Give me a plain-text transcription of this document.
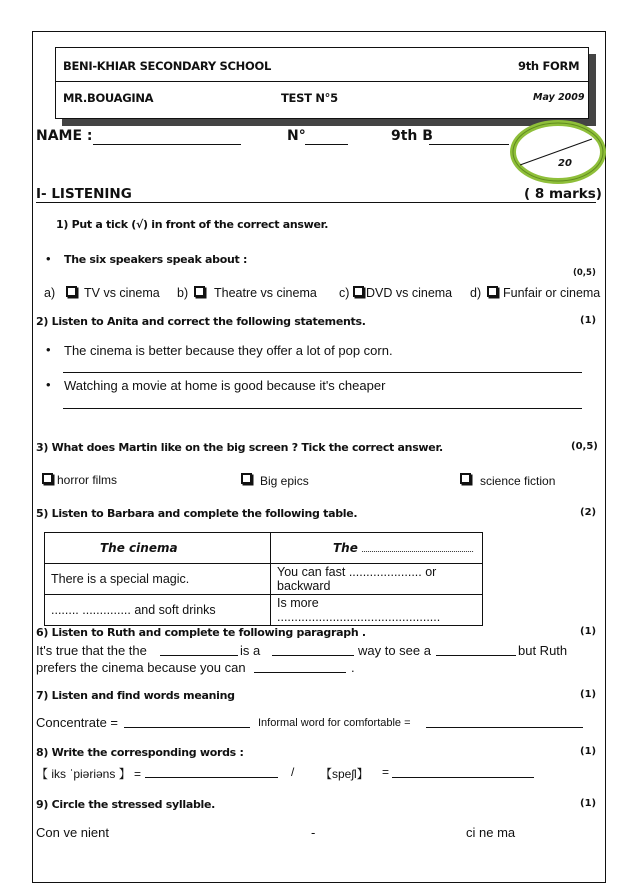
BENI-KHIAR SECONDARY SCHOOL	9th FORM
MR.BOUAGINA	TEST N°5	May 2009
NAME :	N°	9th B
20
I- LISTENING	( 8 marks)
1) Put a tick (√) in front of the correct answer.
• The six speakers speak about :
(0,5)
a) TV vs cinema b) Theatre vs cinema c) DVD vs cinema d) Funfair or cinema
2) Listen to Anita and correct the following statements.	(1)
• The cinema is better because they offer a lot of pop corn.
• Watching a movie at home is good because it's cheaper
3) What does Martin like on the big screen ? Tick the correct answer.	(0,5)
horror films	Big epics	science fiction
5) Listen to Barbara and complete the following table.	(2)
The cinema	The ........................................................
There is a special magic.	You can fast ..................... or backward
........ .............. and soft drinks	Is more ...............................................
6) Listen to Ruth and complete te following paragraph .	(1)
It's true that the the	is a	way to see a	but Ruth
prefers the cinema because you can	.
7) Listen and find words meaning	(1)
Concentrate =	Informal word for comfortable =
8) Write the corresponding words :	(1)
【 iks ˈpiəriəns 】 =	/ 【speʃl】 =
9) Circle the stressed syllable.	(1)
Con ve nient	-	ci ne ma
